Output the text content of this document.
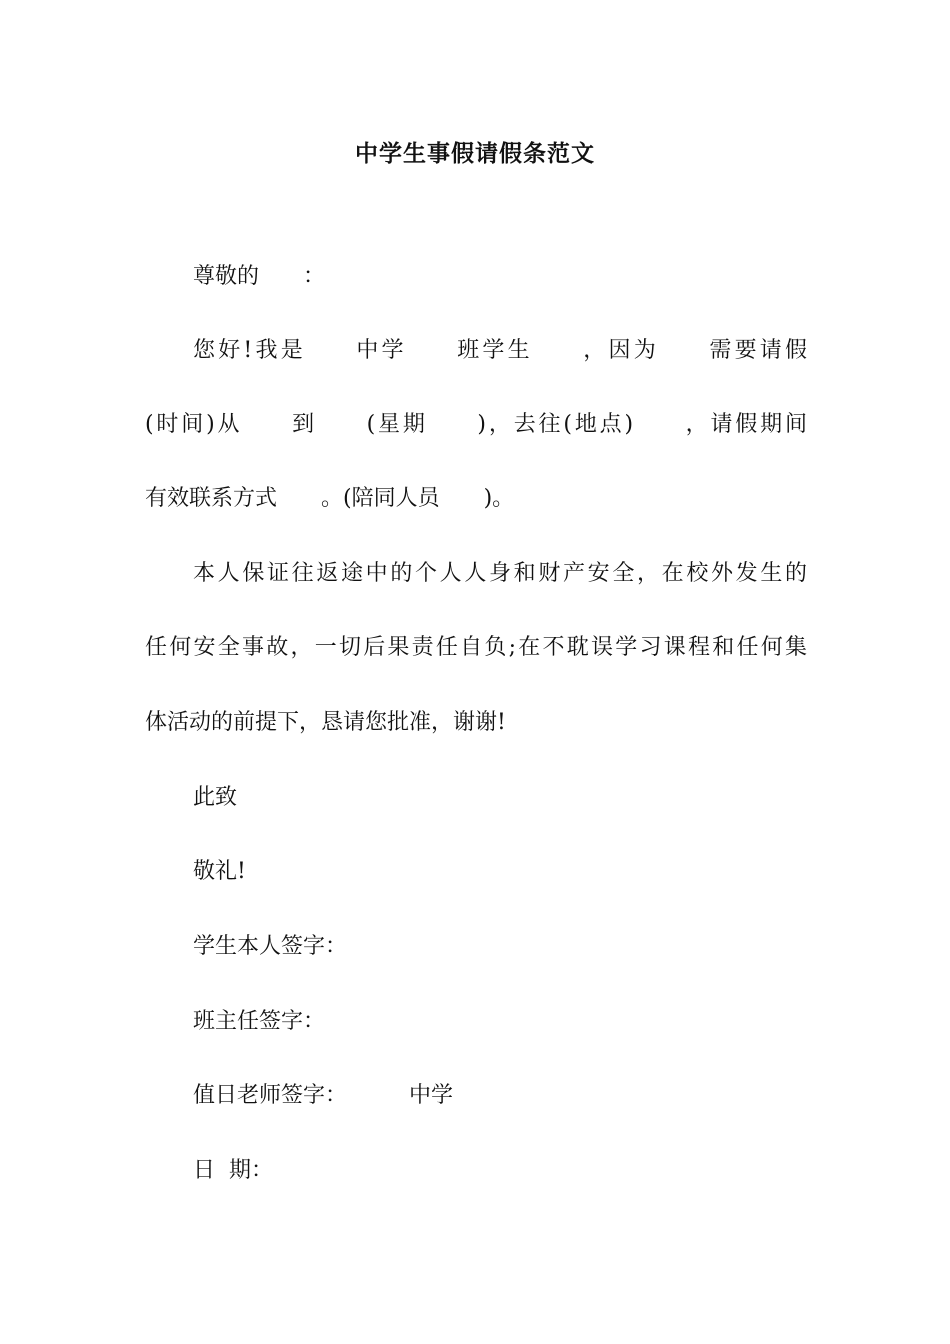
中学生事假请假条范文
尊敬的　　：
您好!我是　　中学　　班学生　　，因为　　需要请假
(时间)从　　到　　(星期　　)，去往(地点)　　，请假期间
有效联系方式　　。(陪同人员　　)。
本人保证往返途中的个人人身和财产安全，在校外发生的
任何安全事故，一切后果责任自负;在不耽误学习课程和任何集
体活动的前提下，恳请您批准，谢谢!
此致
敬礼!
学生本人签字：
班主任签字：
值日老师签字：	中学
日  期：
